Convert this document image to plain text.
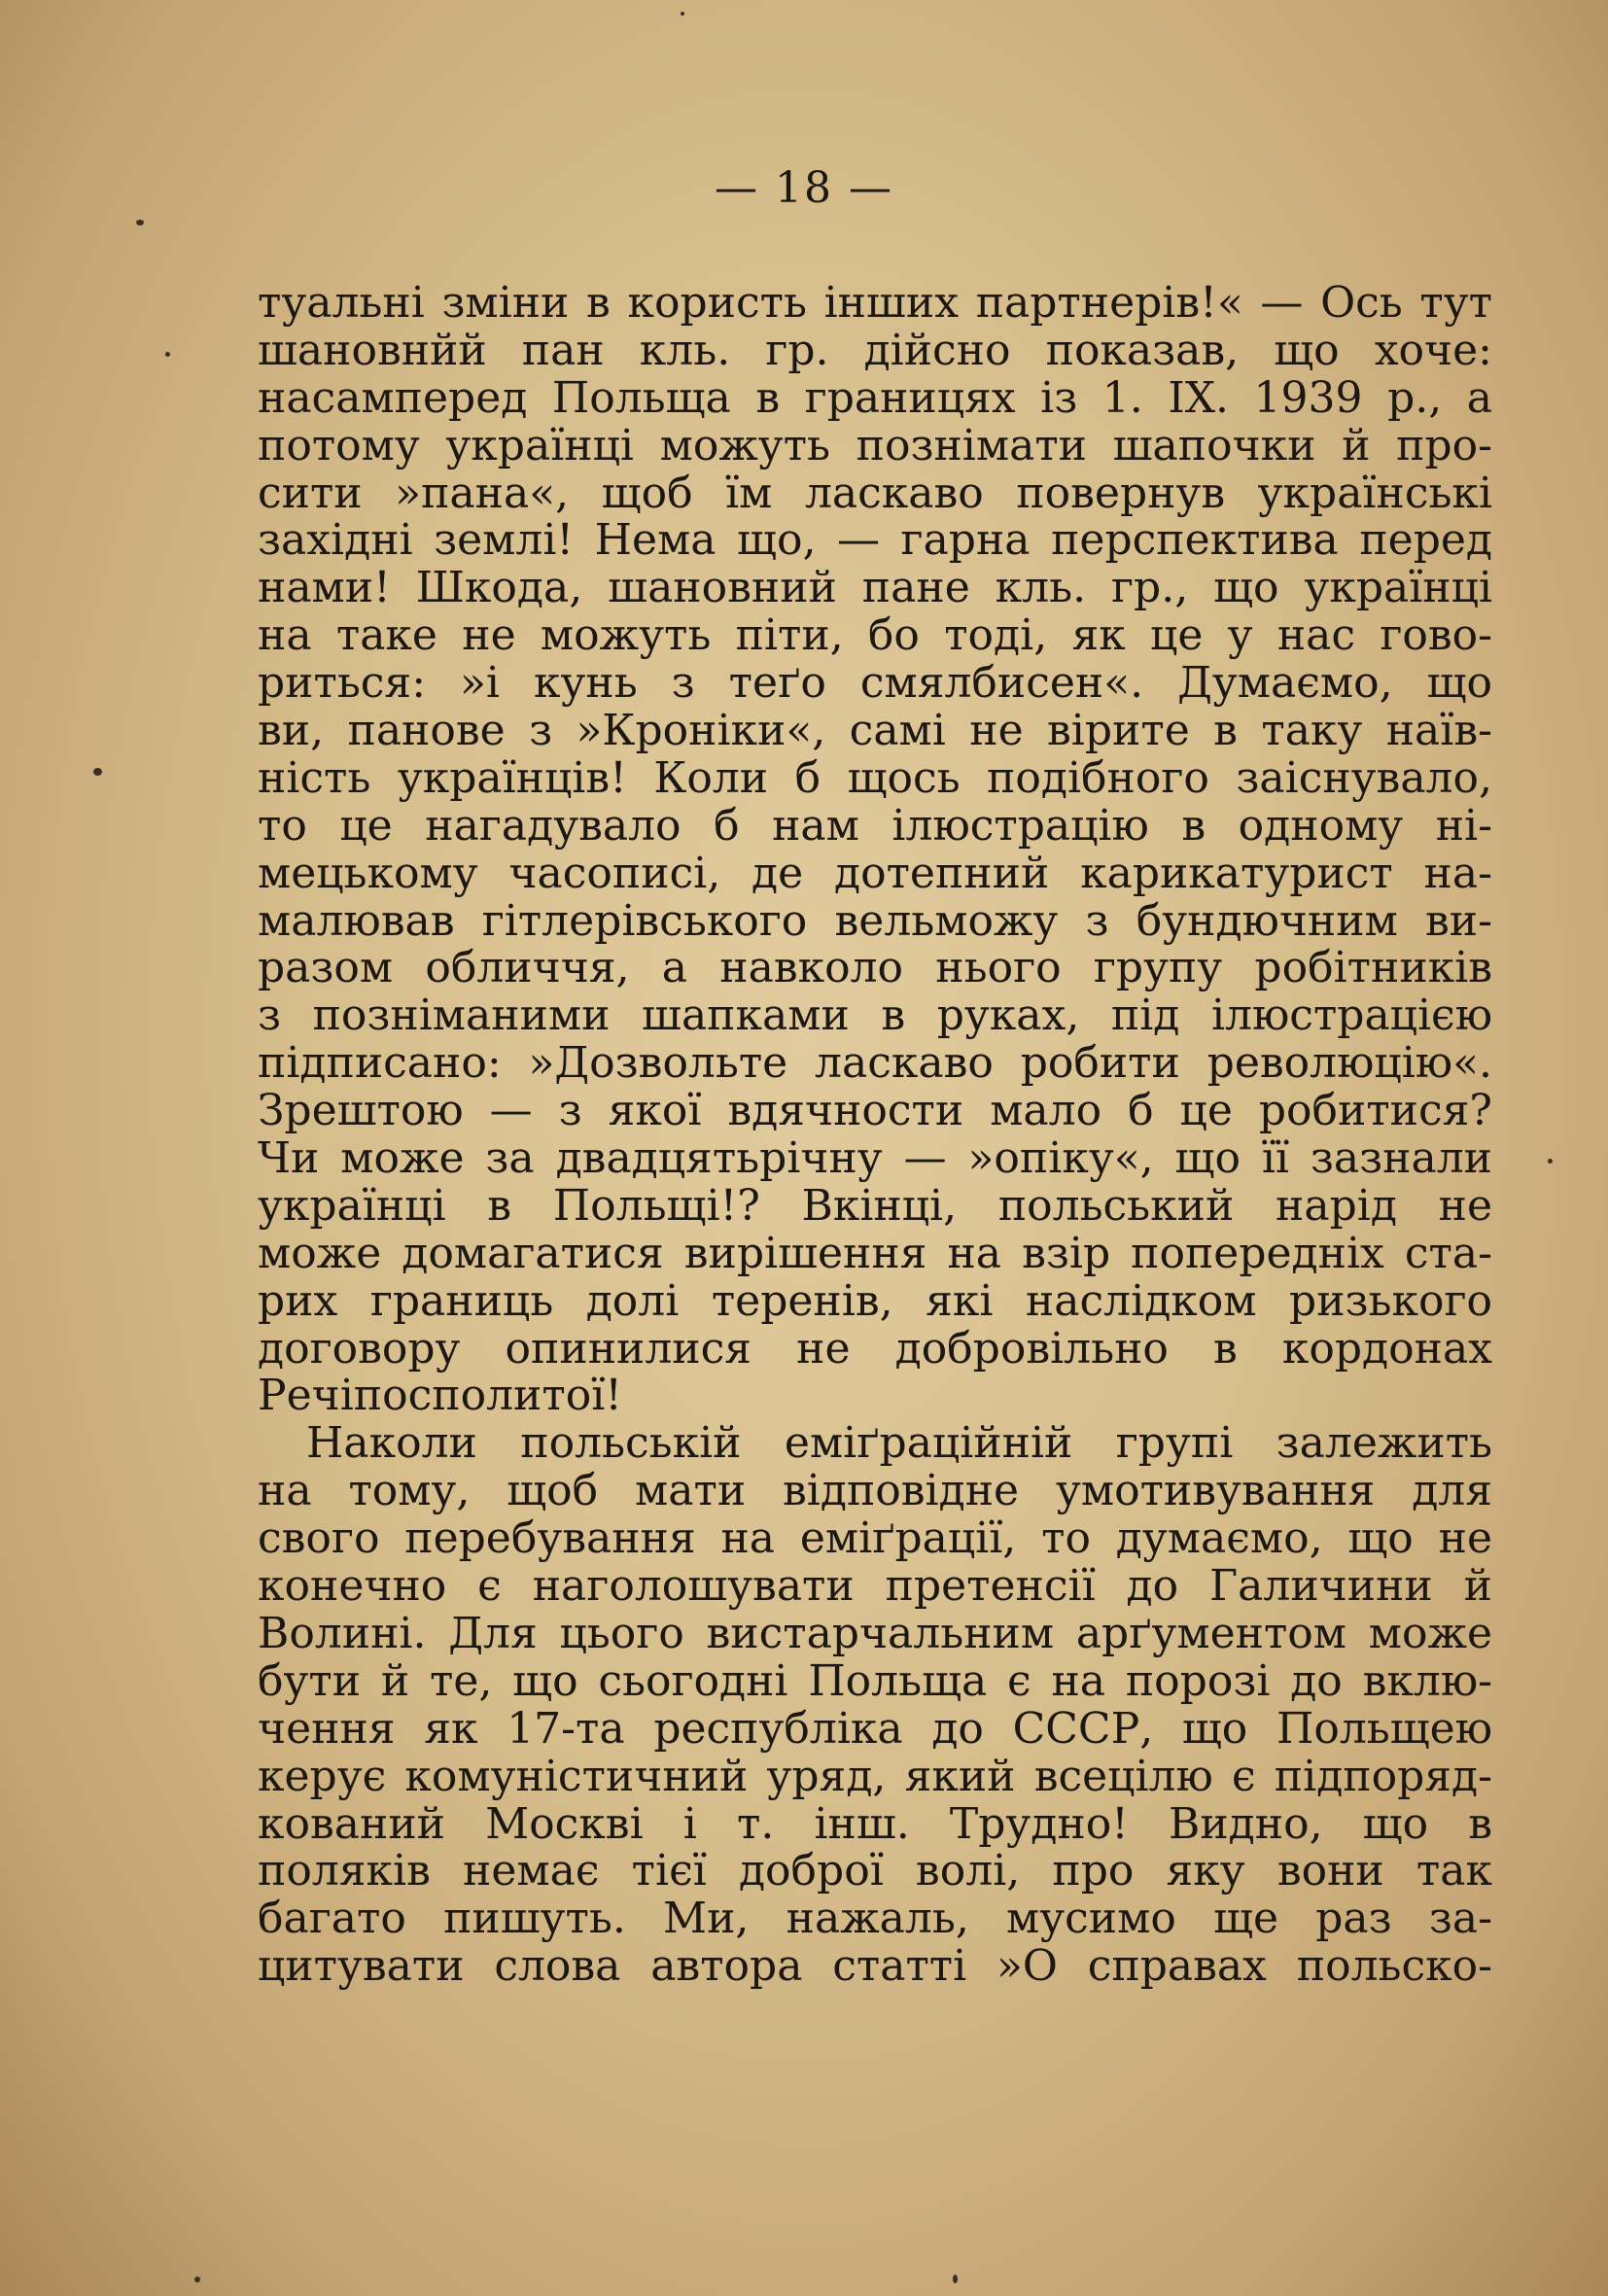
— 18 —
туальні зміни в користь інших партнерів!« — Ось тут
шановнйй пан кль. гр. дійсно показав, що хоче:
насамперед Польща в границях із 1. IX. 1939 р., а
потому українці можуть познімати шапочки й про-
сити »пана«, щоб їм ласкаво повернув українські
західні землі! Нема що, — гарна перспектива перед
нами! Шкода, шановний пане кль. гр., що українці
на таке не можуть піти, бо тоді, як це у нас гово-
риться: »і кунь з теґо смялбисен«. Думаємо, що
ви, панове з »Кроніки«, самі не вірите в таку наїв-
ність українців! Коли б щось подібного заіснувало,
то це нагадувало б нам ілюстрацію в одному ні-
мецькому часописі, де дотепний карикатурист на-
малював гітлерівського вельможу з бундючним ви-
разом обличчя, а навколо нього групу робітників
з позніманими шапками в руках, під ілюстрацією
підписано: »Дозвольте ласкаво робити революцію«.
Зрештою — з якої вдячности мало б це робитися?
Чи може за двадцятьрічну — »опіку«, що її зазнали
українці в Польщі!? Вкінці, польський нарід не
може домагатися вирішення на взір попередніх ста-
рих границь долі теренів, які наслідком ризького
договору опинилися не добровільно в кордонах
Речіпосполитої!
Наколи польській еміґраційній групі залежить
на тому, щоб мати відповідне умотивування для
свого перебування на еміґрації, то думаємо, що не
конечно є наголошувати претенсії до Галичини й
Волині. Для цього вистарчальним арґументом може
бути й те, що сьогодні Польща є на порозі до вклю-
чення як 17-та республіка до СССР, що Польщею
керує комуністичний уряд, який всецілю є підпоряд-
кований Москві і т. інш. Трудно! Видно, що в
поляків немає тієї доброї волі, про яку вони так
багато пишуть. Ми, нажаль, мусимо ще раз за-
цитувати слова автора статті »О справах польско-
